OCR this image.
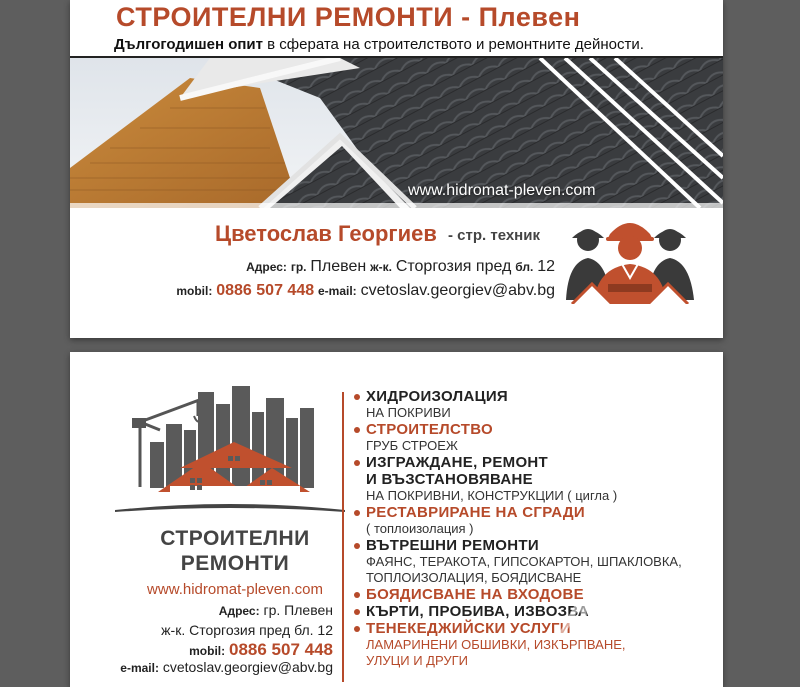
СТРОИТЕЛНИ РЕМОНТИ - Плевен
Дългогодишен опит в сферата на строителството и ремонтните дейности.
www.hidromat-pleven.com
Цветослав Георгиев - стр. техник
Адрес: гр. Плевен ж-к. Сторгозия пред бл. 12
mobil: 0886 507 448 e-mail: cvetoslav.georgiev@abv.bg
СТРОИТЕЛНИ
РЕМОНТИ
www.hidromat-pleven.com
Адрес: гр. Плевен
ж-к. Сторгозия пред бл. 12
mobil: 0886 507 448
e-mail: cvetoslav.georgiev@abv.bg
ХИДРОИЗОЛАЦИЯ
НА ПОКРИВИ
СТРОИТЕЛСТВО
ГРУБ СТРОЕЖ
ИЗГРАЖДАНЕ, РЕМОНТ
И ВЪЗСТАНОВЯВАНЕ
НА ПОКРИВНИ, КОНСТРУКЦИИ ( цигла )
РЕСТАВРИРАНЕ НА СГРАДИ
( топлоизолация )
ВЪТРЕШНИ РЕМОНТИ
ФАЯНС, ТЕРАКОТА, ГИПСОКАРТОН, ШПАКЛОВКА,
ТОПЛОИЗОЛАЦИЯ, БОЯДИСВАНЕ
БОЯДИСВАНЕ НА ВХОДОВЕ
КЪРТИ, ПРОБИВА, ИЗВОЗВА
ТЕНЕКЕДЖИЙСКИ УСЛУГИ
ЛАМАРИНЕНИ ОБШИВКИ, ИЗКЪРПВАНЕ,
УЛУЦИ И ДРУГИ
AVR
